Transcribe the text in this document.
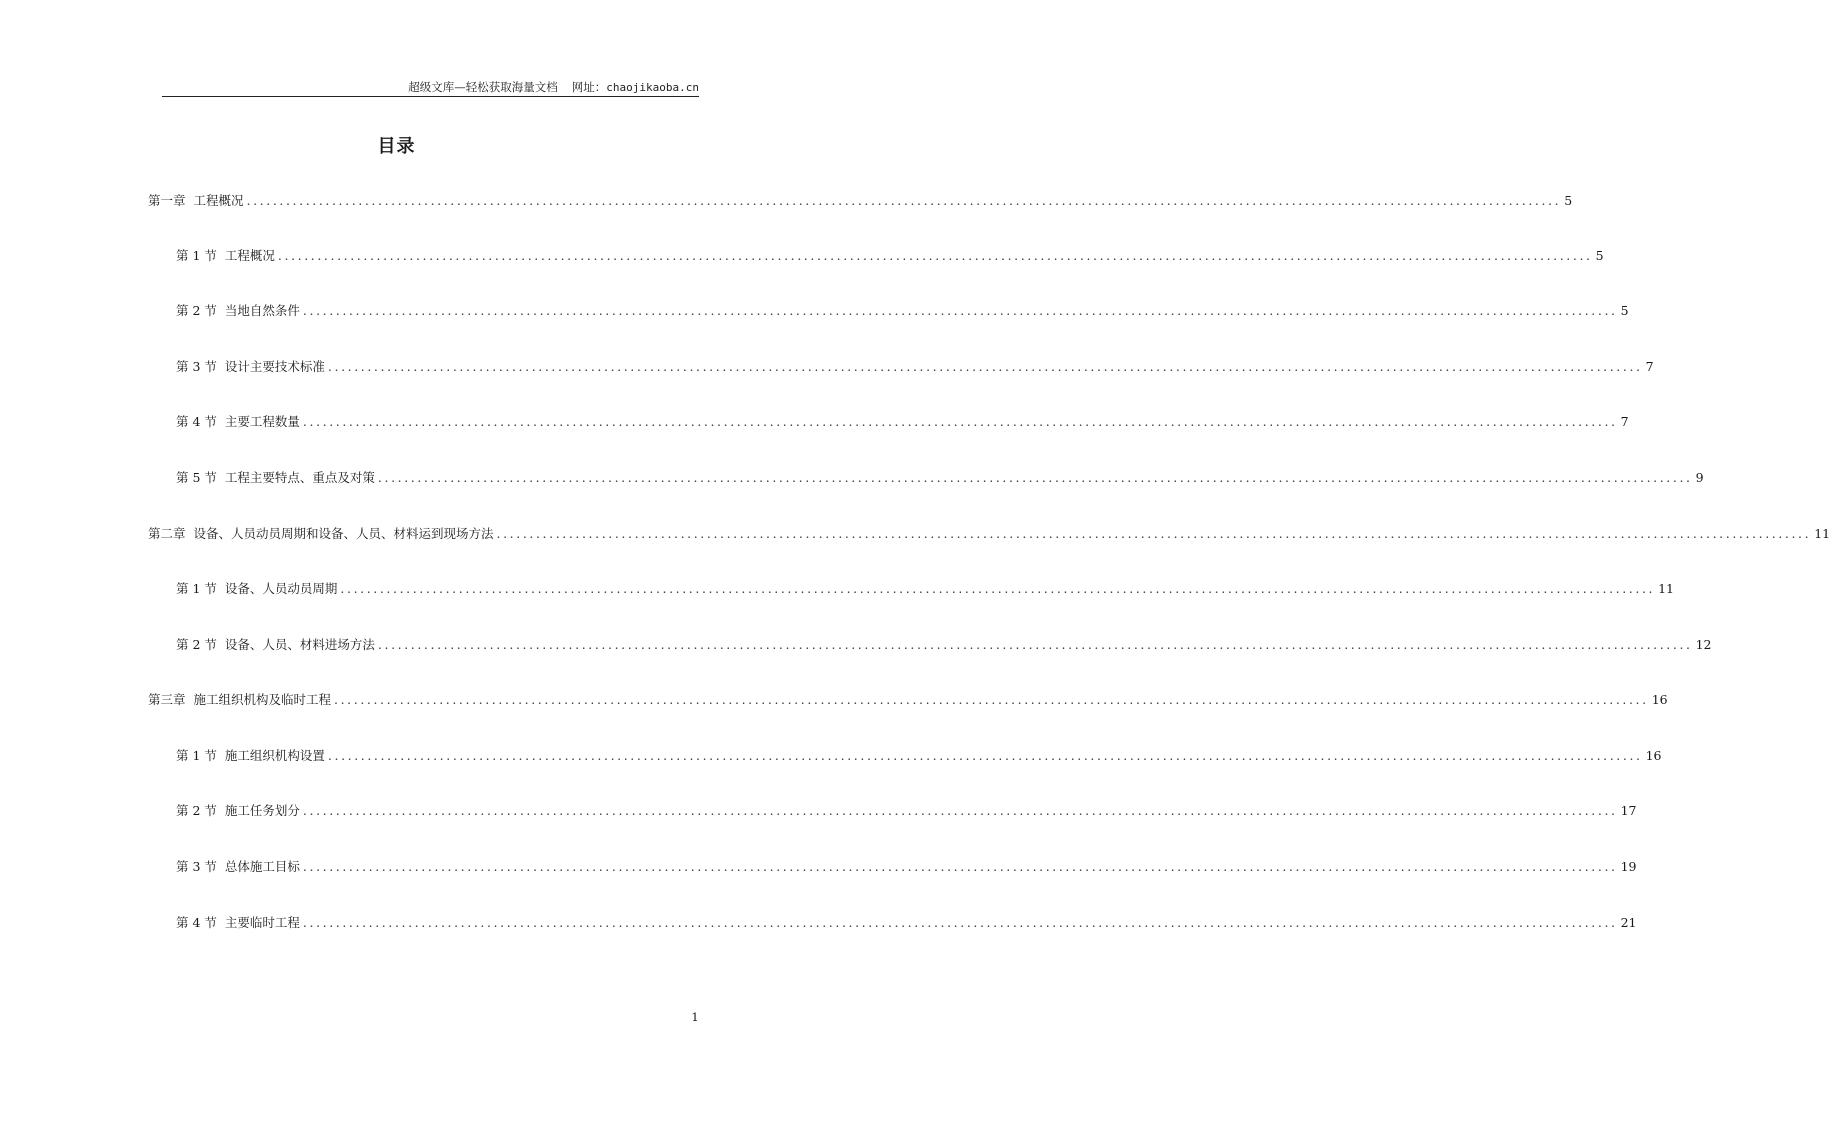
超级文库—轻松获取海量文档 网址：chaojikaoba.cn
目录
第一章 工程概况 ........................................................................................................................................................................................................ 5
第 1 节 工程概况 ........................................................................................................................................................................................................ 5
第 2 节 当地自然条件 ........................................................................................................................................................................................................ 5
第 3 节 设计主要技术标准 ........................................................................................................................................................................................................ 7
第 4 节 主要工程数量 ........................................................................................................................................................................................................ 7
第 5 节 工程主要特点、重点及对策 ........................................................................................................................................................................................................ 9
第二章 设备、人员动员周期和设备、人员、材料运到现场方法 ........................................................................................................................................................................................................ 11
第 1 节 设备、人员动员周期 ........................................................................................................................................................................................................ 11
第 2 节 设备、人员、材料进场方法 ........................................................................................................................................................................................................ 12
第三章 施工组织机构及临时工程 ........................................................................................................................................................................................................ 16
第 1 节 施工组织机构设置 ........................................................................................................................................................................................................ 16
第 2 节 施工任务划分 ........................................................................................................................................................................................................ 17
第 3 节 总体施工目标 ........................................................................................................................................................................................................ 19
第 4 节 主要临时工程 ........................................................................................................................................................................................................ 21
1
